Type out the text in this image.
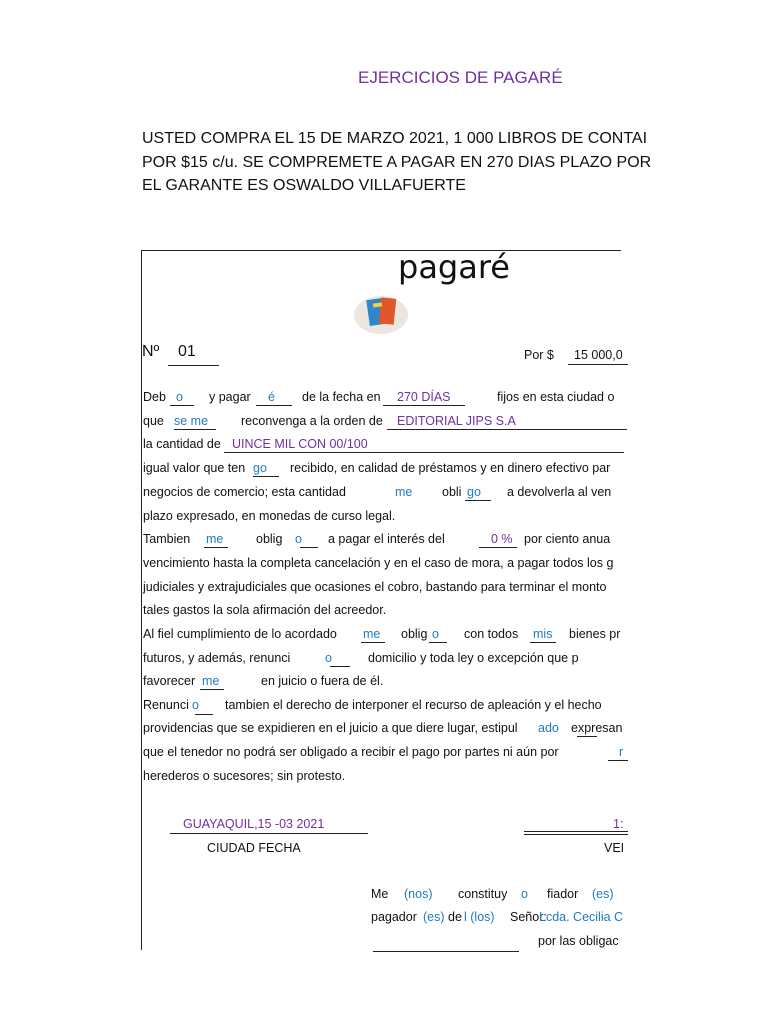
EJERCICIOS DE PAGARÉ
USTED COMPRA EL 15 DE MARZO 2021, 1 000 LIBROS DE CONTAI
POR $15 c/u. SE COMPREMETE A PAGAR EN 270 DIAS PLAZO POR
EL GARANTE ES OSWALDO VILLAFUERTE
pagaré
Nº 01	Por $ 15 000,0
Deb o y pagar é de la fecha en 270 DÍAS	fijos en esta ciudad o
que se me	reconvenga a la orden de EDITORIAL JIPS S.A
la cantidad de UINCE MIL CON 00/100
igual valor que ten go recibido, en calidad de préstamos y en dinero efectivo par
negocios de comercio; esta cantidad	me obli go a devolverla al ven
plazo expresado, en monedas de curso legal.
Tambien me	oblig o a pagar el interés del	0 % por ciento anua
vencimiento hasta la completa cancelación y en el caso de mora, a pagar todos los g
judiciales y extrajudiciales que ocasiones el cobro, bastando para terminar el monto
tales gastos la sola afirmación del acreedor.
Al fiel cumplimiento de lo acordado me oblig o con todos mis bienes pr
futuros, y además, renunci	o	domicilio y toda ley o excepción que p
favorecer me	en juicio o fuera de él.
Renunci o tambien el derecho de interponer el recurso de apleación y el hecho
providencias que se expidieren en el juicio a que diere lugar, estipul ado expresan
que el tenedor no podrá ser obligado a recibir el pago por partes ni aún por	r
herederos o sucesores; sin protesto.
GUAYAQUIL,15 -03 2021
CIUDAD FECHA
1:
VEI
Me (nos) constituy o fiador (es)
pagador (es) de l (los) Señor:
Lcda. Cecilia C
por las obligac
